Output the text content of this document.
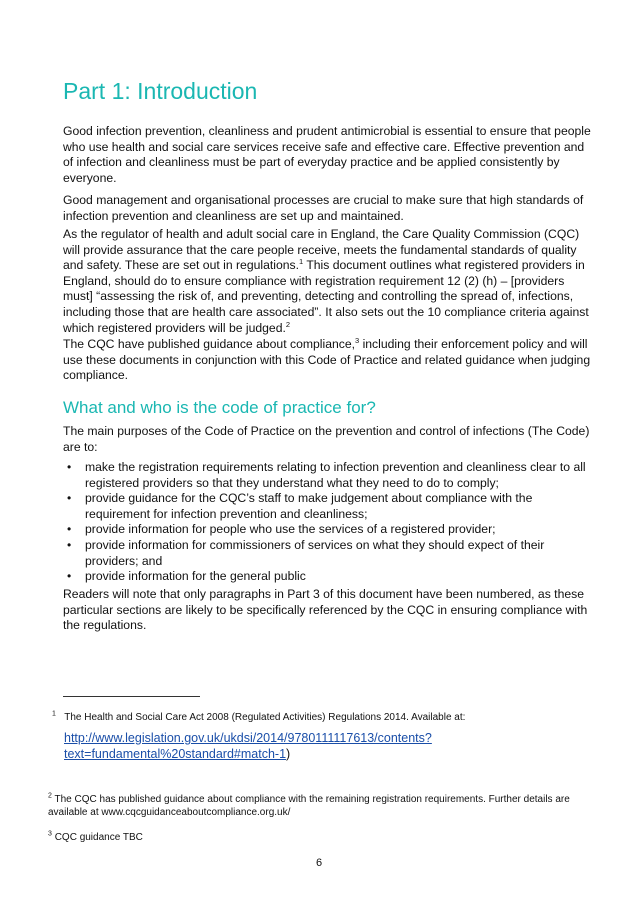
Part 1: Introduction

Good infection prevention, cleanliness and prudent antimicrobial is essential to ensure that people who use health and social care services receive safe and effective care. Effective prevention and of infection and cleanliness must be part of everyday practice and be applied consistently by everyone.

Good management and organisational processes are crucial to make sure that high standards of infection prevention and cleanliness are set up and maintained.

As the regulator of health and adult social care in England, the Care Quality Commission (CQC) will provide assurance that the care people receive, meets the fundamental standards of quality and safety. These are set out in regulations.$^1$ This document outlines what registered providers in England, should do to ensure compliance with registration requirement 12 (2) (h) – [providers must] “assessing the risk of, and preventing, detecting and controlling the spread of, infections, including those that are health care associated”. It also sets out the 10 compliance criteria against which registered providers will be judged.$^2$

The CQC have published guidance about compliance,$^3$ including their enforcement policy and will use these documents in conjunction with this Code of Practice and related guidance when judging compliance.

What and who is the code of practice for?

The main purposes of the Code of Practice on the prevention and control of infections (The Code) are to:

• make the registration requirements relating to infection prevention and cleanliness clear to all registered providers so that they understand what they need to do to comply;
• provide guidance for the CQC’s staff to make judgement about compliance with the requirement for infection prevention and cleanliness;
• provide information for people who use the services of a registered provider;
• provide information for commissioners of services on what they should expect of their providers; and
• provide information for the general public

Readers will note that only paragraphs in Part 3 of this document have been numbered, as these particular sections are likely to be specifically referenced by the CQC in ensuring compliance with the regulations.

$^1$ The Health and Social Care Act 2008 (Regulated Activities) Regulations 2014. Available at:

http://www.legislation.gov.uk/ukdsi/2014/9780111117613/contents?text=fundamental%20standard#match-1)

$^2$ The CQC has published guidance about compliance with the remaining registration requirements. Further details are available at www.cqcguidanceaboutcompliance.org.uk/

$^3$ CQC guidance TBC

6
